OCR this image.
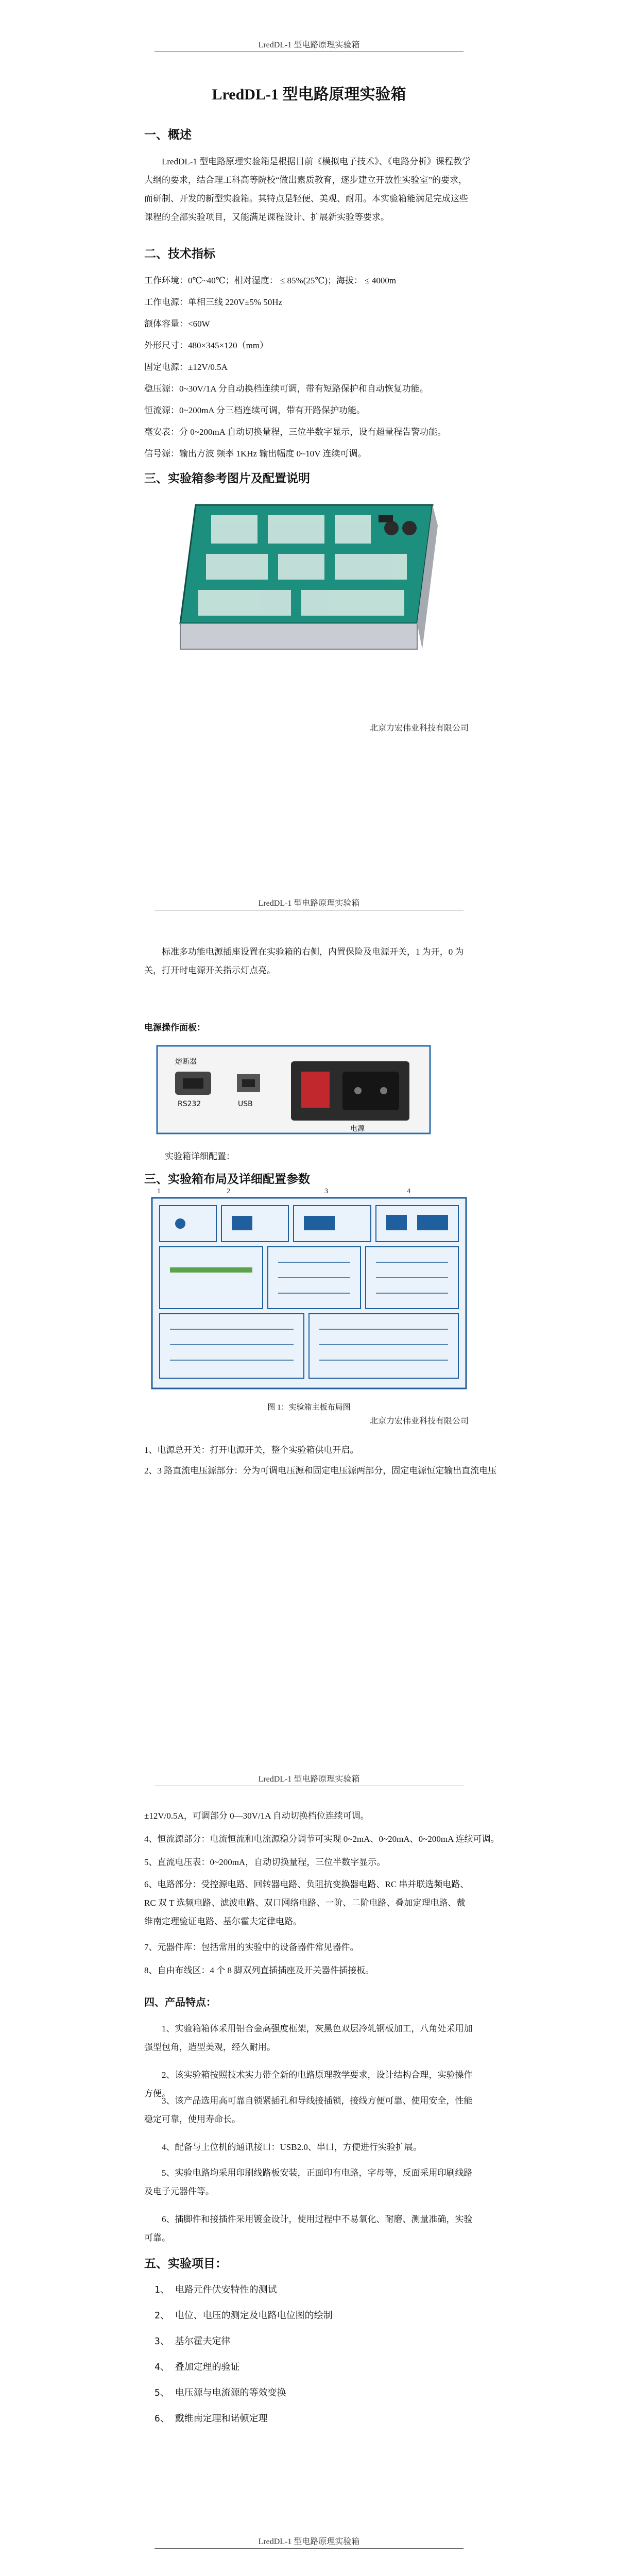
LredDL-1 型电路原理实验箱
LredDL-1 型电路原理实验箱
一、概述
LredDL-1 型电路原理实验箱是根据目前《模拟电子技术》、《电路分析》课程教学大纲的要求，结合理工科高等院校“做出素质教育，逐步建立开放性实验室”的要求，而研制、开发的新型实验箱。其特点是轻便、美观、耐用。本实验箱能满足完成这些课程的全部实验项目，又能满足课程设计、扩展新实验等要求。
二、技术指标
工作环境：0℃~40℃；相对湿度： ≤ 85%(25℃)；海拔： ≤ 4000m
工作电源：单相三线 220V±5% 50Hz
额体容量：<60W
外形尺寸：480×345×120（mm）
固定电源：±12V/0.5A
稳压源：0~30V/1A 分自动换档连续可调，带有短路保护和自动恢复功能。
恒流源：0~200mA 分三档连续可调，带有开路保护功能。
毫安表：分 0~200mA 自动切换量程，三位半数字显示，设有超量程告警功能。
信号源：输出方波 频率 1KHz 输出幅度 0~10V 连续可调。
三、实验箱参考图片及配置说明
北京力宏伟业科技有限公司
LredDL-1 型电路原理实验箱
标准多功能电源插座设置在实验箱的右侧，内置保险及电源开关，1 为开，0 为关，打开时电源开关指示灯点亮。
电源操作面板：
熔断器
RS232	USB
电源
实验箱详细配置：
三、实验箱布局及详细配置参数
1	2	3	4
图 1：实验箱主板布局图
北京力宏伟业科技有限公司
1、电源总开关：打开电源开关，整个实验箱供电开启。
2、3 路直流电压源部分：分为可调电压源和固定电压源两部分，固定电源恒定输出直流电压
LredDL-1 型电路原理实验箱
±12V/0.5A，可调部分 0—30V/1A 自动切换档位连续可调。
4、恒流源部分：电流恒流和电流源稳分调节可实现 0~2mA、0~20mA、0~200mA 连续可调。
5、直流电压表：0~200mA，自动切换量程，三位半数字显示。
6、电路部分：受控源电路、回转器电路、负阻抗变换器电路、RC 串并联选频电路、RC 双 T 选频电路、滤波电路、双口网络电路、一阶、二阶电路、叠加定理电路、戴维南定理验证电路、基尔霍夫定律电路。
7、元器件库：包括常用的实验中的设备器件常见器件。
8、自由布线区：4 个 8 脚双列直插插座及开关器件插接板。
四、产品特点：
1、实验箱箱体采用铝合金高强度框架，灰黑色双层冷轧钢板加工，八角处采用加强型包角，造型美观，经久耐用。
2、该实验箱按照技术实力带全新的电路原理教学要求，设计结构合理，实验操作方便。
3、该产品选用高可靠自锁紧插孔和导线接插锁，接线方便可靠、使用安全，性能稳定可靠，使用寿命长。
4、配备与上位机的通讯接口：USB2.0、串口，方便进行实验扩展。
5、实验电路均采用印刷线路板安装，正面印有电路，字母等，反面采用印刷线路及电子元器件等。
6、插脚件和接插件采用镀金设计，使用过程中不易氧化、耐磨、测量准确，实验可靠。
五、实验项目：
1、 电路元件伏安特性的测试
2、 电位、电压的测定及电路电位图的绘制
3、 基尔霍夫定律
4、 叠加定理的验证
5、 电压源与电流源的等效变换
6、 戴维南定理和诺顿定理
LredDL-1 型电路原理实验箱
